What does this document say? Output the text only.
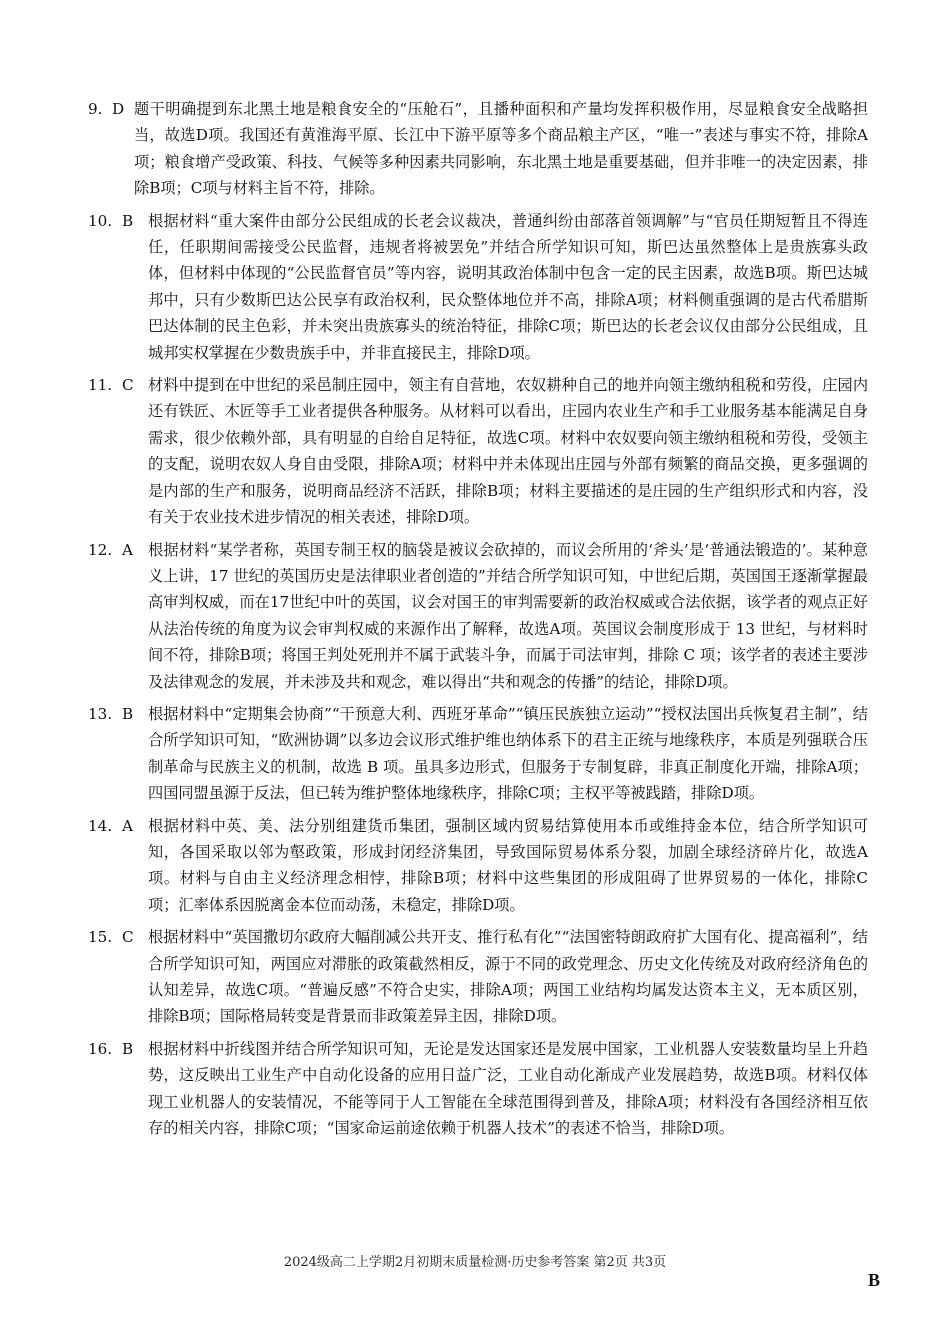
9. D 题干明确提到东北黑土地是粮食安全的“压舱石”，且播种面积和产量均发挥积极作用，尽显粮食安全战略担当，故选D项。我国还有黄淮海平原、长江中下游平原等多个商品粮主产区，“唯一”表述与事实不符，排除A项；粮食增产受政策、科技、气候等多种因素共同影响，东北黑土地是重要基础，但并非唯一的决定因素，排除B项；C项与材料主旨不符，排除。
10. B 根据材料“重大案件由部分公民组成的长老会议裁决，普通纠纷由部落首领调解”与“官员任期短暂且不得连任，任职期间需接受公民监督，违规者将被罢免”并结合所学知识可知，斯巴达虽然整体上是贵族寡头政体，但材料中体现的“公民监督官员”等内容，说明其政治体制中包含一定的民主因素，故选B项。斯巴达城邦中，只有少数斯巴达公民享有政治权利，民众整体地位并不高，排除A项；材料侧重强调的是古代希腊斯巴达体制的民主色彩，并未突出贵族寡头的统治特征，排除C项；斯巴达的长老会议仅由部分公民组成，且城邦实权掌握在少数贵族手中，并非直接民主，排除D项。
11. C 材料中提到在中世纪的采邑制庄园中，领主有自营地，农奴耕种自己的地并向领主缴纳租税和劳役，庄园内还有铁匠、木匠等手工业者提供各种服务。从材料可以看出，庄园内农业生产和手工业服务基本能满足自身需求，很少依赖外部，具有明显的自给自足特征，故选C项。材料中农奴要向领主缴纳租税和劳役，受领主的支配，说明农奴人身自由受限，排除A项；材料中并未体现出庄园与外部有频繁的商品交换，更多强调的是内部的生产和服务，说明商品经济不活跃，排除B项；材料主要描述的是庄园的生产组织形式和内容，没有关于农业技术进步情况的相关表述，排除D项。
12. A 根据材料“某学者称，英国专制王权的脑袋是被议会砍掉的，而议会所用的‘斧头’是‘普通法锻造的’。某种意义上讲，17 世纪的英国历史是法律职业者创造的”并结合所学知识可知，中世纪后期，英国国王逐渐掌握最高审判权威，而在17世纪中叶的英国，议会对国王的审判需要新的政治权威或合法依据，该学者的观点正好从法治传统的角度为议会审判权威的来源作出了解释，故选A项。英国议会制度形成于 13 世纪，与材料时间不符，排除B项；将国王判处死刑并不属于武装斗争，而属于司法审判，排除 C 项；该学者的表述主要涉及法律观念的发展，并未涉及共和观念，难以得出“共和观念的传播”的结论，排除D项。
13. B 根据材料中“定期集会协商”“干预意大利、西班牙革命”“镇压民族独立运动”“授权法国出兵恢复君主制”，结合所学知识可知，“欧洲协调”以多边会议形式维护维也纳体系下的君主正统与地缘秩序，本质是列强联合压制革命与民族主义的机制，故选 B 项。虽具多边形式，但服务于专制复辟，非真正制度化开端，排除A项；四国同盟虽源于反法，但已转为维护整体地缘秩序，排除C项；主权平等被践踏，排除D项。
14. A 根据材料中英、美、法分别组建货币集团，强制区域内贸易结算使用本币或维持金本位，结合所学知识可知，各国采取以邻为壑政策，形成封闭经济集团，导致国际贸易体系分裂，加剧全球经济碎片化，故选A项。材料与自由主义经济理念相悖，排除B项；材料中这些集团的形成阻碍了世界贸易的一体化，排除C项；汇率体系因脱离金本位而动荡，未稳定，排除D项。
15. C 根据材料中“英国撒切尔政府大幅削减公共开支、推行私有化”“法国密特朗政府扩大国有化、提高福利”，结合所学知识可知，两国应对滞胀的政策截然相反，源于不同的政党理念、历史文化传统及对政府经济角色的认知差异，故选C项。“普遍反感”不符合史实，排除A项；两国工业结构均属发达资本主义，无本质区别，排除B项；国际格局转变是背景而非政策差异主因，排除D项。
16. B 根据材料中折线图并结合所学知识可知，无论是发达国家还是发展中国家，工业机器人安装数量均呈上升趋势，这反映出工业生产中自动化设备的应用日益广泛，工业自动化渐成产业发展趋势，故选B项。材料仅体现工业机器人的安装情况，不能等同于人工智能在全球范围得到普及，排除A项；材料没有各国经济相互依存的相关内容，排除C项；“国家命运前途依赖于机器人技术”的表述不恰当，排除D项。
2024级高二上学期2月初期末质量检测·历史参考答案 第2页 共3页
B
